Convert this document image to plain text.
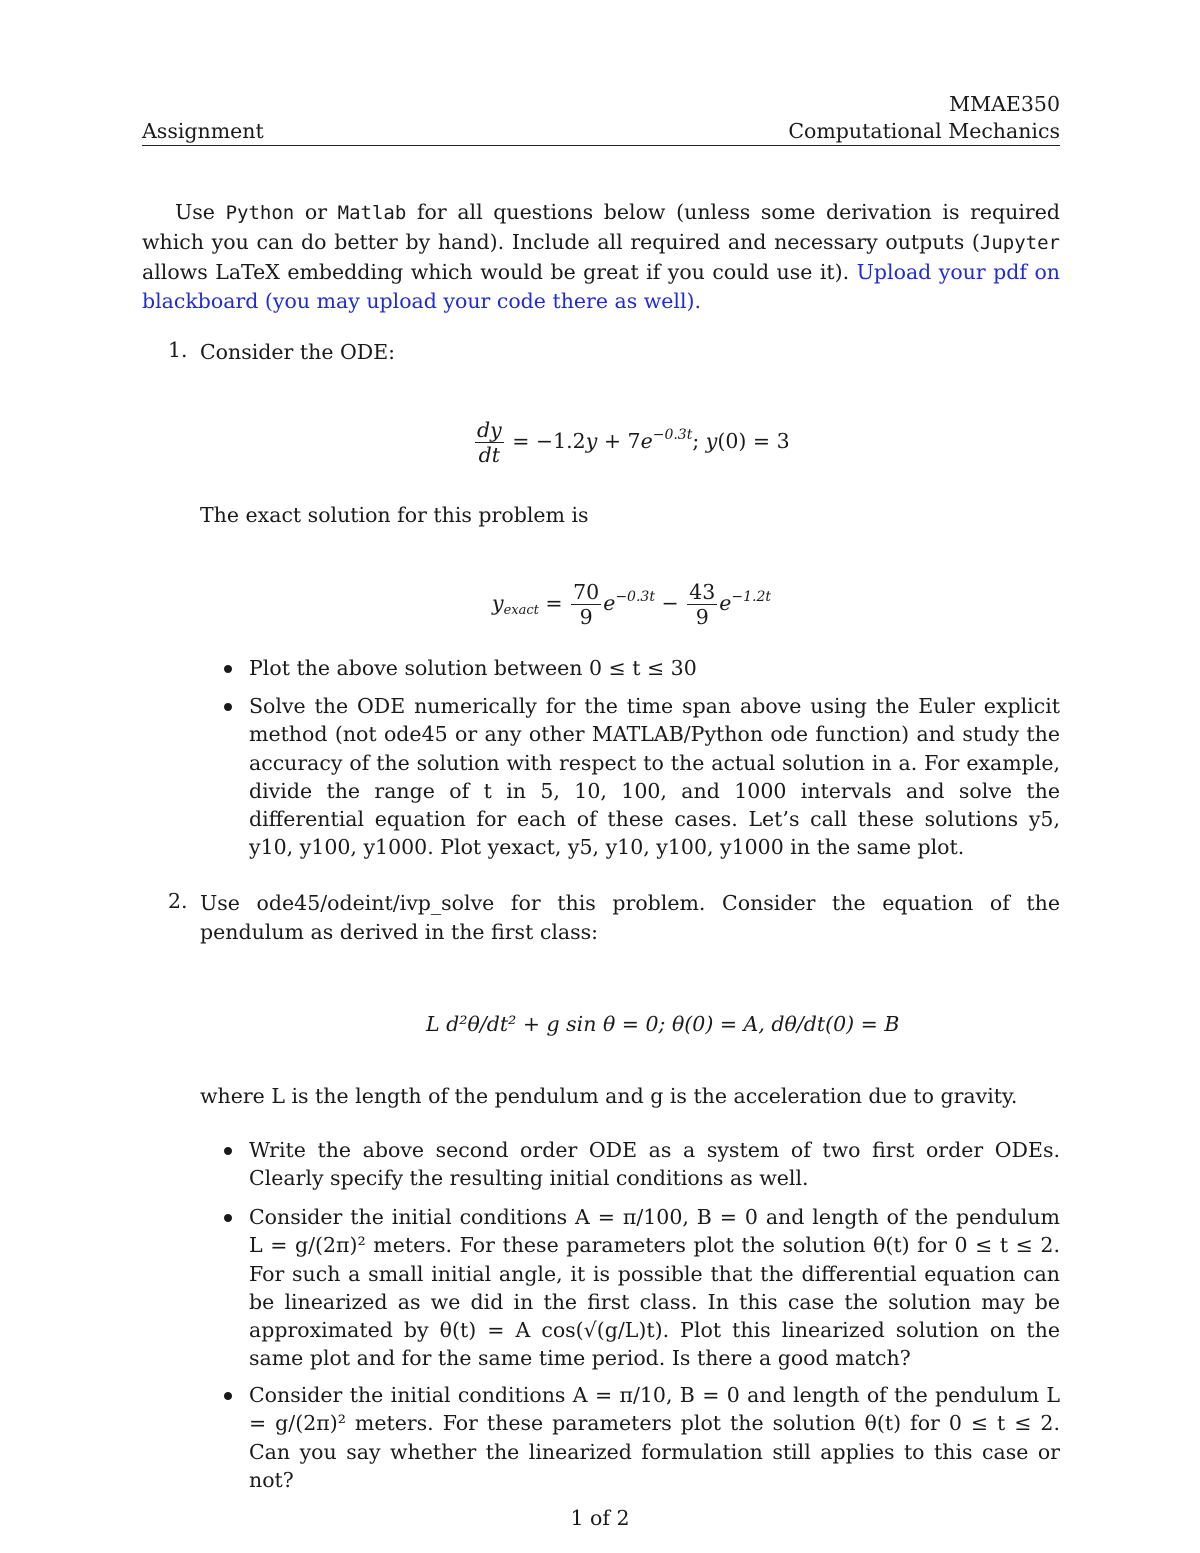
MMAE350
Assignment	Computational Mechanics
Use Python or Matlab for all questions below (unless some derivation is required which you can do better by hand). Include all required and necessary outputs (Jupyter allows LaTeX embedding which would be great if you could use it). Upload your pdf on blackboard (you may upload your code there as well).
1. Consider the ODE:
$\frac{dy}{dt} = -1.2y + 7e^{-0.3t}$; y(0) = 3
The exact solution for this problem is
$y_{exact} = \frac{70}{9} e^{-0.3t} - \frac{43}{9} e^{-1.2t}$
Plot the above solution between 0 ≤ t ≤ 30
Solve the ODE numerically for the time span above using the Euler explicit method (not ode45 or any other MATLAB/Python ode function) and study the accuracy of the solution with respect to the actual solution in a. For example, divide the range of t in 5, 10, 100, and 1000 intervals and solve the differential equation for each of these cases. Let’s call these solutions y5, y10, y100, y1000. Plot yexact, y5, y10, y100, y1000 in the same plot.
2. Use ode45/odeint/ivp_solve for this problem. Consider the equation of the pendulum as derived in the first class:
L d²θ/dt² + g sin θ = 0; θ(0) = A, dθ/dt(0) = B
where L is the length of the pendulum and g is the acceleration due to gravity.
Write the above second order ODE as a system of two first order ODEs. Clearly specify the resulting initial conditions as well.
Consider the initial conditions A = π/100, B = 0 and length of the pendulum L = g/(2π)² meters. For these parameters plot the solution θ(t) for 0 ≤ t ≤ 2. For such a small initial angle, it is possible that the differential equation can be linearized as we did in the first class. In this case the solution may be approximated by θ(t) = A cos(√(g/L)t). Plot this linearized solution on the same plot and for the same time period. Is there a good match?
Consider the initial conditions A = π/10, B = 0 and length of the pendulum L = g/(2π)² meters. For these parameters plot the solution θ(t) for 0 ≤ t ≤ 2. Can you say whether the linearized formulation still applies to this case or not?
1 of 2
